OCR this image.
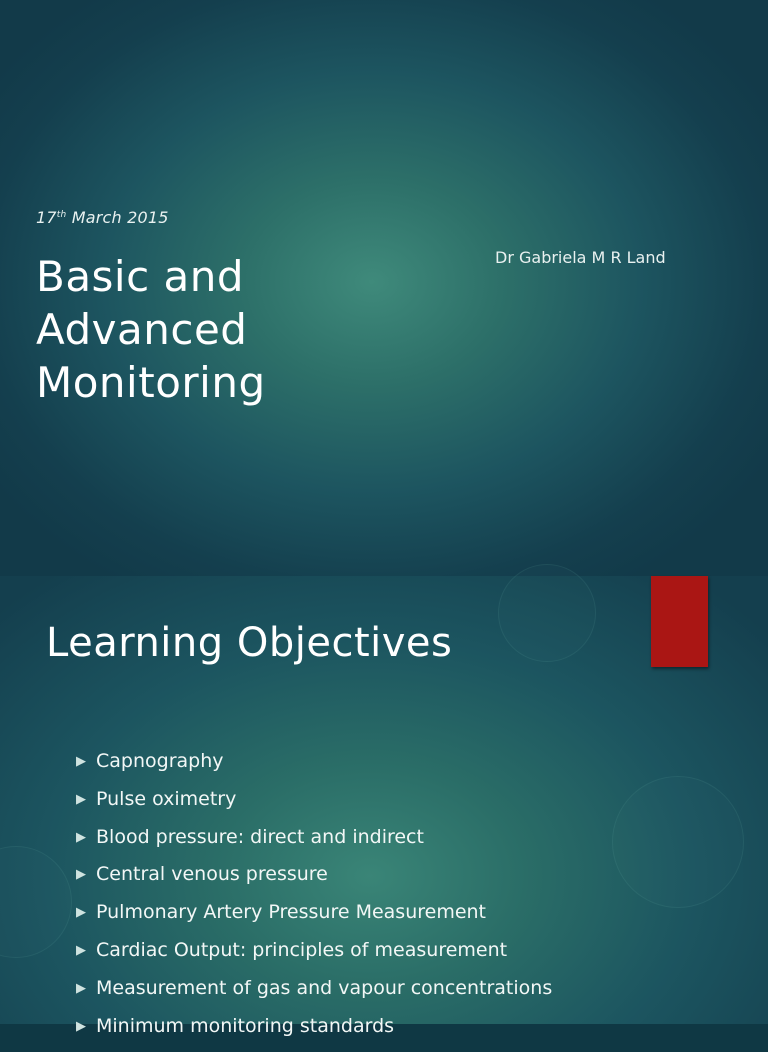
17th March 2015
Basic and
Advanced
Monitoring
Dr Gabriela M R Land
Learning Objectives
▶ Capnography
▶ Pulse oximetry
▶ Blood pressure: direct and indirect
▶ Central venous pressure
▶ Pulmonary Artery Pressure Measurement
▶ Cardiac Output: principles of measurement
▶ Measurement of gas and vapour concentrations
▶ Minimum monitoring standards
